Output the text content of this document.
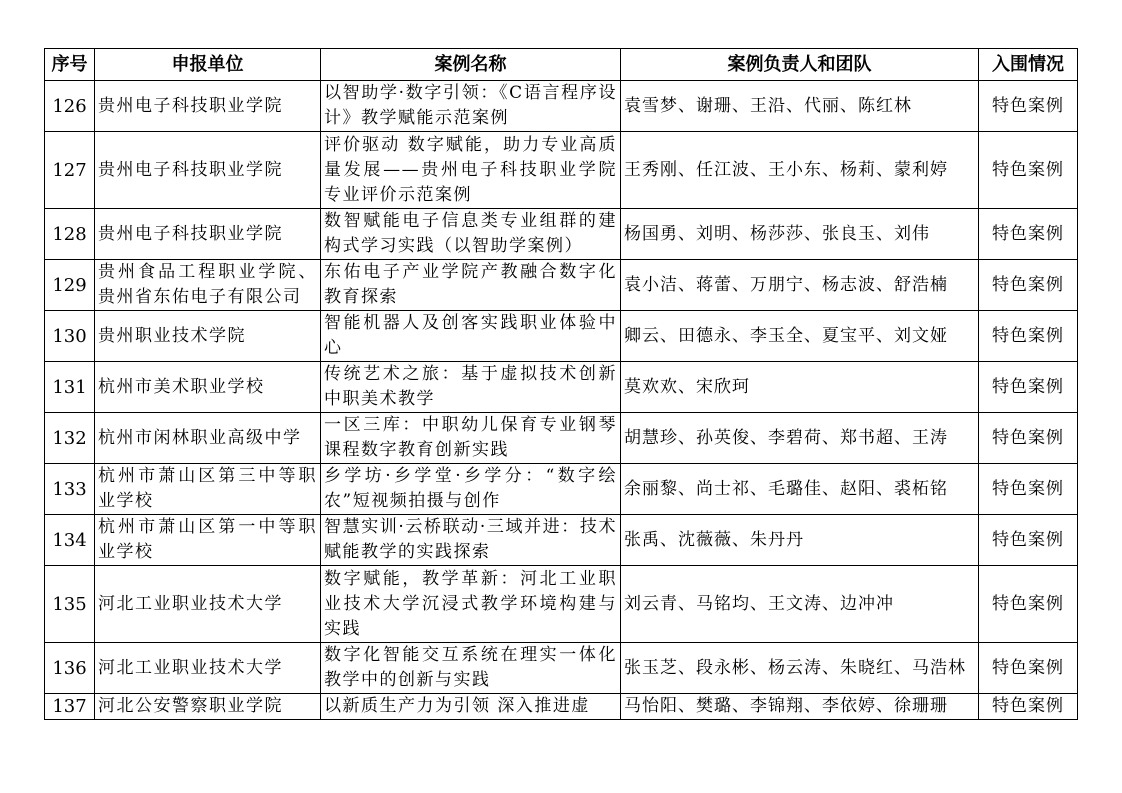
序号	申报单位	案例名称	案例负责人和团队	入围情况
126	贵州电子科技职业学院	以智助学·数字引领：《C语言程序设计》教学赋能示范案例	袁雪梦、谢珊、王沿、代丽、陈红林	特色案例
127	贵州电子科技职业学院	评价驱动 数字赋能，助力专业高质量发展——贵州电子科技职业学院专业评价示范案例	王秀刚、任江波、王小东、杨莉、蒙利婷	特色案例
128	贵州电子科技职业学院	数智赋能电子信息类专业组群的建构式学习实践（以智助学案例）	杨国勇、刘明、杨莎莎、张良玉、刘伟	特色案例
129	贵州食品工程职业学院、贵州省东佑电子有限公司	东佑电子产业学院产教融合数字化教育探索	袁小洁、蒋蕾、万朋宁、杨志波、舒浩楠	特色案例
130	贵州职业技术学院	智能机器人及创客实践职业体验中心	卿云、田德永、李玉全、夏宝平、刘文娅	特色案例
131	杭州市美术职业学校	传统艺术之旅：基于虚拟技术创新中职美术教学	莫欢欢、宋欣珂	特色案例
132	杭州市闲林职业高级中学	一区三库：中职幼儿保育专业钢琴课程数字教育创新实践	胡慧珍、孙英俊、李碧荷、郑书超、王涛	特色案例
133	杭州市萧山区第三中等职业学校	乡学坊·乡学堂·乡学分：“数字绘农”短视频拍摄与创作	余丽黎、尚士祁、毛璐佳、赵阳、裘柘铭	特色案例
134	杭州市萧山区第一中等职业学校	智慧实训·云桥联动·三域并进：技术赋能教学的实践探索	张禹、沈薇薇、朱丹丹	特色案例
135	河北工业职业技术大学	数字赋能，教学革新：河北工业职业技术大学沉浸式教学环境构建与实践	刘云青、马铭均、王文涛、边冲冲	特色案例
136	河北工业职业技术大学	数字化智能交互系统在理实一体化教学中的创新与实践	张玉芝、段永彬、杨云涛、朱晓红、马浩林	特色案例
137	河北公安警察职业学院	以新质生产力为引领 深入推进虚	马怡阳、樊璐、李锦翔、李依婷、徐珊珊	特色案例
